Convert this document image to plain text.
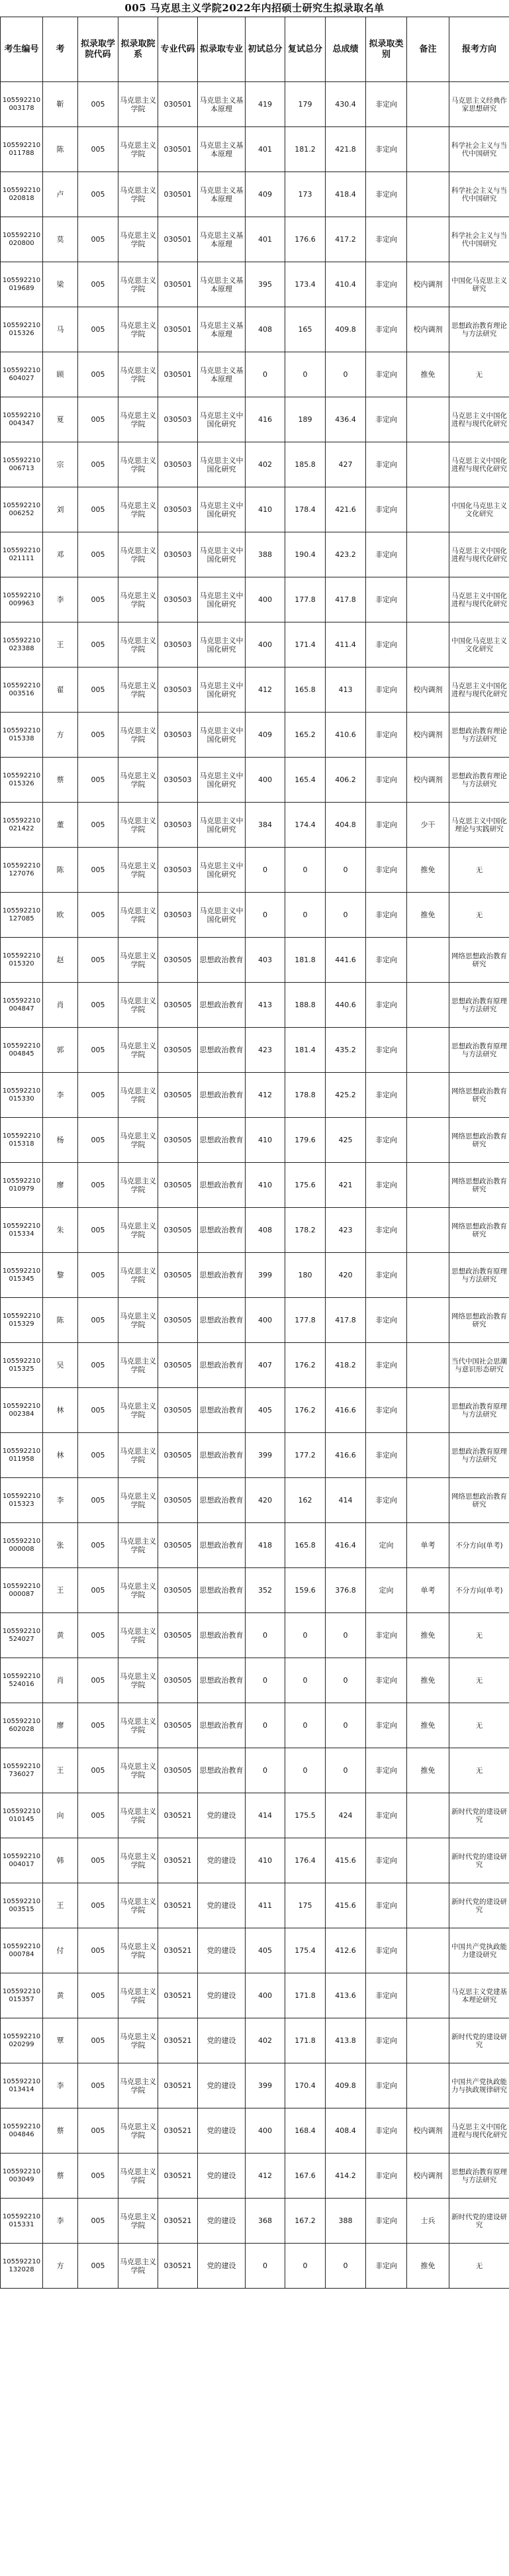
005 马克思主义学院2022年内招硕士研究生拟录取名单
考生编号	考	拟录取学院代码	拟录取院系	专业代码	拟录取专业	初试总分	复试总分	总成绩	拟录取类别	备注	报考方向
105592210003178	靳	005	马克思主义学院	030501	马克思主义基本原理	419	179	430.4	非定向		马克思主义经典作家思想研究
105592210011788	陈	005	马克思主义学院	030501	马克思主义基本原理	401	181.2	421.8	非定向		科学社会主义与当代中国研究
105592210020818	卢	005	马克思主义学院	030501	马克思主义基本原理	409	173	418.4	非定向		科学社会主义与当代中国研究
105592210020800	莫	005	马克思主义学院	030501	马克思主义基本原理	401	176.6	417.2	非定向		科学社会主义与当代中国研究
105592210019689	梁	005	马克思主义学院	030501	马克思主义基本原理	395	173.4	410.4	非定向	校内调剂	中国化马克思主义研究
105592210015326	马	005	马克思主义学院	030501	马克思主义基本原理	408	165	409.8	非定向	校内调剂	思想政治教育理论与方法研究
105592210604027	顾	005	马克思主义学院	030501	马克思主义基本原理	0	0	0	非定向	推免	无
105592210004347	夏	005	马克思主义学院	030503	马克思主义中国化研究	416	189	436.4	非定向		马克思主义中国化进程与现代化研究
105592210006713	宗	005	马克思主义学院	030503	马克思主义中国化研究	402	185.8	427	非定向		马克思主义中国化进程与现代化研究
105592210006252	刘	005	马克思主义学院	030503	马克思主义中国化研究	410	178.4	421.6	非定向		中国化马克思主义文化研究
105592210021111	邓	005	马克思主义学院	030503	马克思主义中国化研究	388	190.4	423.2	非定向		马克思主义中国化进程与现代化研究
105592210009963	李	005	马克思主义学院	030503	马克思主义中国化研究	400	177.8	417.8	非定向		马克思主义中国化进程与现代化研究
105592210023388	王	005	马克思主义学院	030503	马克思主义中国化研究	400	171.4	411.4	非定向		中国化马克思主义文化研究
105592210003516	翟	005	马克思主义学院	030503	马克思主义中国化研究	412	165.8	413	非定向	校内调剂	马克思主义中国化进程与现代化研究
105592210015338	方	005	马克思主义学院	030503	马克思主义中国化研究	409	165.2	410.6	非定向	校内调剂	思想政治教育理论与方法研究
105592210015326	蔡	005	马克思主义学院	030503	马克思主义中国化研究	400	165.4	406.2	非定向	校内调剂	思想政治教育理论与方法研究
105592210021422	董	005	马克思主义学院	030503	马克思主义中国化研究	384	174.4	404.8	非定向	少干	马克思主义中国化理论与实践研究
105592210127076	陈	005	马克思主义学院	030503	马克思主义中国化研究	0	0	0	非定向	推免	无
105592210127085	欧	005	马克思主义学院	030503	马克思主义中国化研究	0	0	0	非定向	推免	无
105592210015320	赵	005	马克思主义学院	030505	思想政治教育	403	181.8	441.6	非定向		网络思想政治教育研究
105592210004847	肖	005	马克思主义学院	030505	思想政治教育	413	188.8	440.6	非定向		思想政治教育原理与方法研究
105592210004845	郭	005	马克思主义学院	030505	思想政治教育	423	181.4	435.2	非定向		思想政治教育原理与方法研究
105592210015330	李	005	马克思主义学院	030505	思想政治教育	412	178.8	425.2	非定向		网络思想政治教育研究
105592210015318	杨	005	马克思主义学院	030505	思想政治教育	410	179.6	425	非定向		网络思想政治教育研究
105592210010979	廖	005	马克思主义学院	030505	思想政治教育	410	175.6	421	非定向		网络思想政治教育研究
105592210015334	朱	005	马克思主义学院	030505	思想政治教育	408	178.2	423	非定向		网络思想政治教育研究
105592210015345	黎	005	马克思主义学院	030505	思想政治教育	399	180	420	非定向		思想政治教育原理与方法研究
105592210015329	陈	005	马克思主义学院	030505	思想政治教育	400	177.8	417.8	非定向		网络思想政治教育研究
105592210015325	吴	005	马克思主义学院	030505	思想政治教育	407	176.2	418.2	非定向		当代中国社会思潮与意识形态研究
105592210002384	林	005	马克思主义学院	030505	思想政治教育	405	176.2	416.6	非定向		思想政治教育原理与方法研究
105592210011958	林	005	马克思主义学院	030505	思想政治教育	399	177.2	416.6	非定向		思想政治教育原理与方法研究
105592210015323	李	005	马克思主义学院	030505	思想政治教育	420	162	414	非定向		网络思想政治教育研究
105592210000008	张	005	马克思主义学院	030505	思想政治教育	418	165.8	416.4	定向	单考	不分方向(单考)
105592210000087	王	005	马克思主义学院	030505	思想政治教育	352	159.6	376.8	定向	单考	不分方向(单考)
105592210524027	黄	005	马克思主义学院	030505	思想政治教育	0	0	0	非定向	推免	无
105592210524016	肖	005	马克思主义学院	030505	思想政治教育	0	0	0	非定向	推免	无
105592210602028	廖	005	马克思主义学院	030505	思想政治教育	0	0	0	非定向	推免	无
105592210736027	王	005	马克思主义学院	030505	思想政治教育	0	0	0	非定向	推免	无
105592210010145	向	005	马克思主义学院	030521	党的建设	414	175.5	424	非定向		新时代党的建设研究
105592210004017	韩	005	马克思主义学院	030521	党的建设	410	176.4	415.6	非定向		新时代党的建设研究
105592210003515	王	005	马克思主义学院	030521	党的建设	411	175	415.6	非定向		新时代党的建设研究
105592210000784	付	005	马克思主义学院	030521	党的建设	405	175.4	412.6	非定向		中国共产党执政能力建设研究
105592210015357	黄	005	马克思主义学院	030521	党的建设	400	171.8	413.6	非定向		马克思主义党建基本理论研究
105592210020299	覃	005	马克思主义学院	030521	党的建设	402	171.8	413.8	非定向		新时代党的建设研究
105592210013414	李	005	马克思主义学院	030521	党的建设	399	170.4	409.8	非定向		中国共产党执政能力与执政规律研究
105592210004846	蔡	005	马克思主义学院	030521	党的建设	400	168.4	408.4	非定向	校内调剂	马克思主义中国化进程与现代化研究
105592210003049	蔡	005	马克思主义学院	030521	党的建设	412	167.6	414.2	非定向	校内调剂	思想政治教育原理与方法研究
105592210015331	李	005	马克思主义学院	030521	党的建设	368	167.2	388	非定向	士兵	新时代党的建设研究
105592210132028	方	005	马克思主义学院	030521	党的建设	0	0	0	非定向	推免	无
